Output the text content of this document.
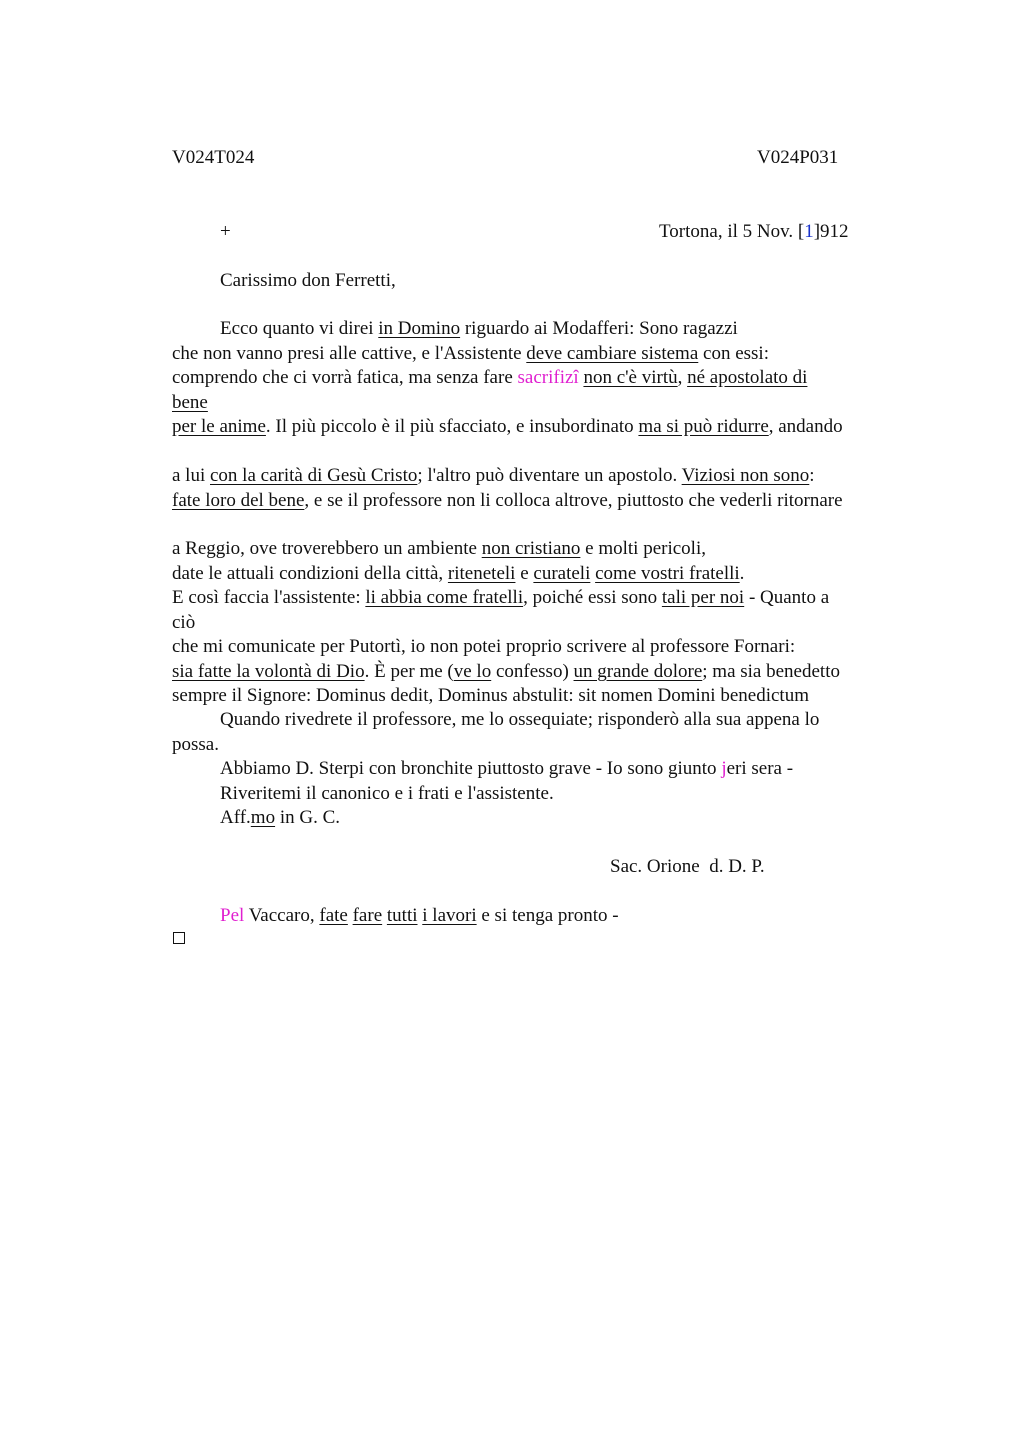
V024T024	V024P031
+	Tortona, il 5 Nov. [1]912
Carissimo don Ferretti,
Ecco quanto vi direi in Domino riguardo ai Modafferi: Sono ragazzi
che non vanno presi alle cattive, e l'Assistente deve cambiare sistema con essi:
comprendo che ci vorrà fatica, ma senza fare sacrifizî non c'è virtù, né apostolato di
bene
per le anime. Il più piccolo è il più sfacciato, e insubordinato ma si può ridurre, andando
a lui con la carità di Gesù Cristo; l'altro può diventare un apostolo. Viziosi non sono:
fate loro del bene, e se il professore non li colloca altrove, piuttosto che vederli ritornare
a Reggio, ove troverebbero un ambiente non cristiano e molti pericoli,
date le attuali condizioni della città, riteneteli e curateli come vostri fratelli.
E così faccia l'assistente: li abbia come fratelli, poiché essi sono tali per noi - Quanto a
ciò
che mi comunicate per Putortì, io non potei proprio scrivere al professore Fornari:
sia fatte la volontà di Dio. È per me (ve lo confesso) un grande dolore; ma sia benedetto
sempre il Signore: Dominus dedit, Dominus abstulit: sit nomen Domini benedictum
Quando rivedrete il professore, me lo ossequiate; risponderò alla sua appena lo
possa.
Abbiamo D. Sterpi con bronchite piuttosto grave - Io sono giunto jeri sera -
Riveritemi il canonico e i frati e l'assistente.
Aff.mo in G. C.
Sac. Orione  d. D. P.
Pel Vaccaro, fate fare tutti i lavori e si tenga pronto -
